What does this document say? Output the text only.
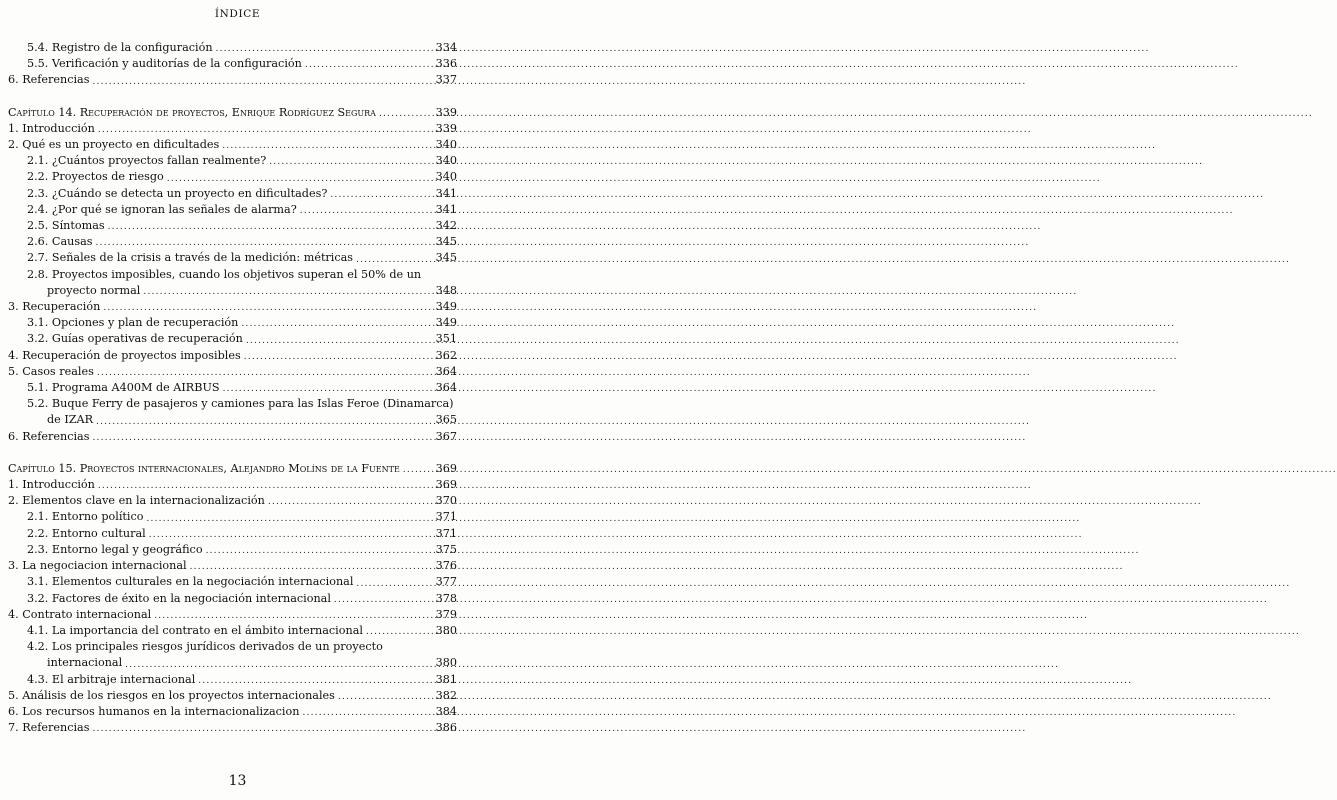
ÍNDICE
5.4. Registro de la configuración .....	334
5.5. Verificación y auditorías de la configuración .....	336
6. Referencias .....	337
Capítulo 14. Recuperación de proyectos, Enrique Rodríguez Segura .....	339
1. Introducción .....	339
2. Qué es un proyecto en dificultades .....	340
2.1. ¿Cuántos proyectos fallan realmente? .....	340
2.2. Proyectos de riesgo .....	340
2.3. ¿Cuándo se detecta un proyecto en dificultades? .....	341
2.4. ¿Por qué se ignoran las señales de alarma? .....	341
2.5. Síntomas .....	342
2.6. Causas .....	345
2.7. Señales de la crisis a través de la medición: métricas .....	345
2.8. Proyectos imposibles, cuando los objetivos superan el 50% de un
proyecto normal .....	348
3. Recuperación .....	349
3.1. Opciones y plan de recuperación .....	349
3.2. Guías operativas de recuperación .....	351
4. Recuperación de proyectos imposibles .....	362
5. Casos reales .....	364
5.1. Programa A400M de AIRBUS .....	364
5.2. Buque Ferry de pasajeros y camiones para las Islas Feroe (Dinamarca)
de IZAR .....	365
6. Referencias .....	367
Capítulo 15. Proyectos internacionales, Alejandro Molíns de la Fuente .....	369
1. Introducción .....	369
2. Elementos clave en la internacionalización .....	370
2.1. Entorno político .....	371
2.2. Entorno cultural .....	371
2.3. Entorno legal y geográfico .....	375
3. La negociacion internacional .....	376
3.1. Elementos culturales en la negociación internacional .....	377
3.2. Factores de éxito en la negociación internacional .....	378
4. Contrato internacional .....	379
4.1. La importancia del contrato en el ámbito internacional .....	380
4.2. Los principales riesgos jurídicos derivados de un proyecto
internacional .....	380
4.3. El arbitraje internacional .....	381
5. Análisis de los riesgos en los proyectos internacionales .....	382
6. Los recursos humanos en la internacionalizacion .....	384
7. Referencias .....	386
13
